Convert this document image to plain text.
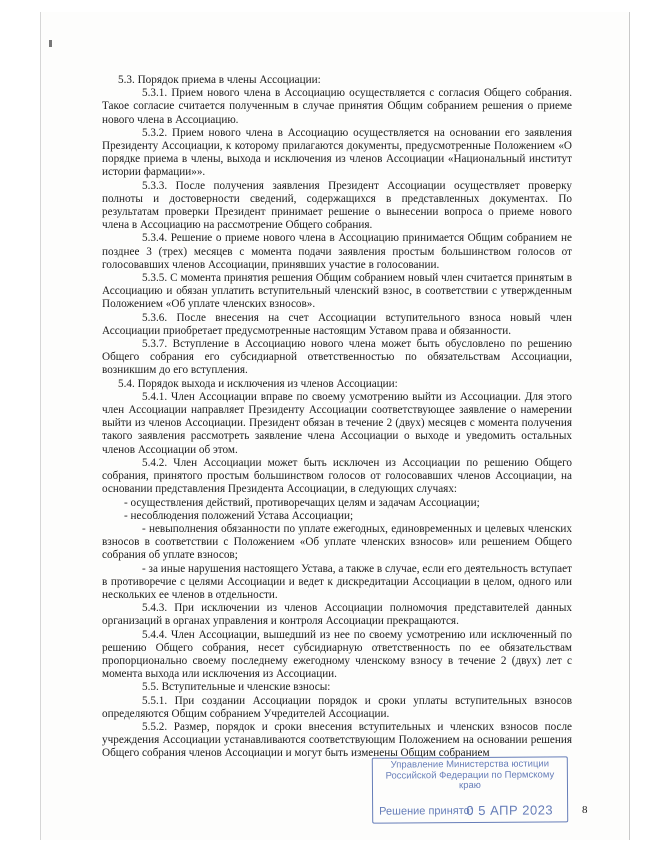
5.3. Порядок приема в члены Ассоциации:

5.3.1. Прием нового члена в Ассоциацию осуществляется с согласия Общего собрания. Такое согласие считается полученным в случае принятия Общим собранием решения о приеме нового члена в Ассоциацию.

5.3.2. Прием нового члена в Ассоциацию осуществляется на основании его заявления Президенту Ассоциации, к которому прилагаются документы, предусмотренные Положением «О порядке приема в члены, выхода и исключения из членов Ассоциации «Национальный институт истории фармации»».

5.3.3. После получения заявления Президент Ассоциации осуществляет проверку полноты и достоверности сведений, содержащихся в представленных документах. По результатам проверки Президент принимает решение о вынесении вопроса о приеме нового члена в Ассоциацию на рассмотрение Общего собрания.

5.3.4. Решение о приеме нового члена в Ассоциацию принимается Общим собранием не позднее 3 (трех) месяцев с момента подачи заявления простым большинством голосов от голосовавших членов Ассоциации, принявших участие в голосовании.

5.3.5. С момента принятия решения Общим собранием новый член считается принятым в Ассоциацию и обязан уплатить вступительный членский взнос, в соответствии с утвержденным Положением «Об уплате членских взносов».

5.3.6. После внесения на счет Ассоциации вступительного взноса новый член Ассоциации приобретает предусмотренные настоящим Уставом права и обязанности.

5.3.7. Вступление в Ассоциацию нового члена может быть обусловлено по решению Общего собрания его субсидиарной ответственностью по обязательствам Ассоциации, возникшим до его вступления.

5.4. Порядок выхода и исключения из членов Ассоциации:

5.4.1. Член Ассоциации вправе по своему усмотрению выйти из Ассоциации. Для этого член Ассоциации направляет Президенту Ассоциации соответствующее заявление о намерении выйти из членов Ассоциации. Президент обязан в течение 2 (двух) месяцев с момента получения такого заявления рассмотреть заявление члена Ассоциации о выходе и уведомить остальных членов Ассоциации об этом.

5.4.2. Член Ассоциации может быть исключен из Ассоциации по решению Общего собрания, принятого простым большинством голосов от голосовавших членов Ассоциации, на основании представления Президента Ассоциации, в следующих случаях:

- осуществления действий, противоречащих целям и задачам Ассоциации;

- несоблюдения положений Устава Ассоциации;

- невыполнения обязанности по уплате ежегодных, единовременных и целевых членских взносов в соответствии с Положением «Об уплате членских взносов» или решением Общего собрания об уплате взносов;

- за иные нарушения настоящего Устава, а также в случае, если его деятельность вступает в противоречие с целями Ассоциации и ведет к дискредитации Ассоциации в целом, одного или нескольких ее членов в отдельности.

5.4.3. При исключении из членов Ассоциации полномочия представителей данных организаций в органах управления и контроля Ассоциации прекращаются.

5.4.4. Член Ассоциации, вышедший из нее по своему усмотрению или исключенный по решению Общего собрания, несет субсидиарную ответственность по ее обязательствам пропорционально своему последнему ежегодному членскому взносу в течение 2 (двух) лет с момента выхода или исключения из Ассоциации.

5.5. Вступительные и членские взносы:

5.5.1. При создании Ассоциации порядок и сроки уплаты вступительных взносов определяются Общим собранием Учредителей Ассоциации.

5.5.2. Размер, порядок и сроки внесения вступительных и членских взносов после учреждения Ассоциации устанавливаются соответствующим Положением на основании решения Общего собрания членов Ассоциации и могут быть изменены Общим собранием

Управление Министерства юстиции Российской Федерации по Пермскому краю
Решение принято:
0 5 АПР 2023	8
